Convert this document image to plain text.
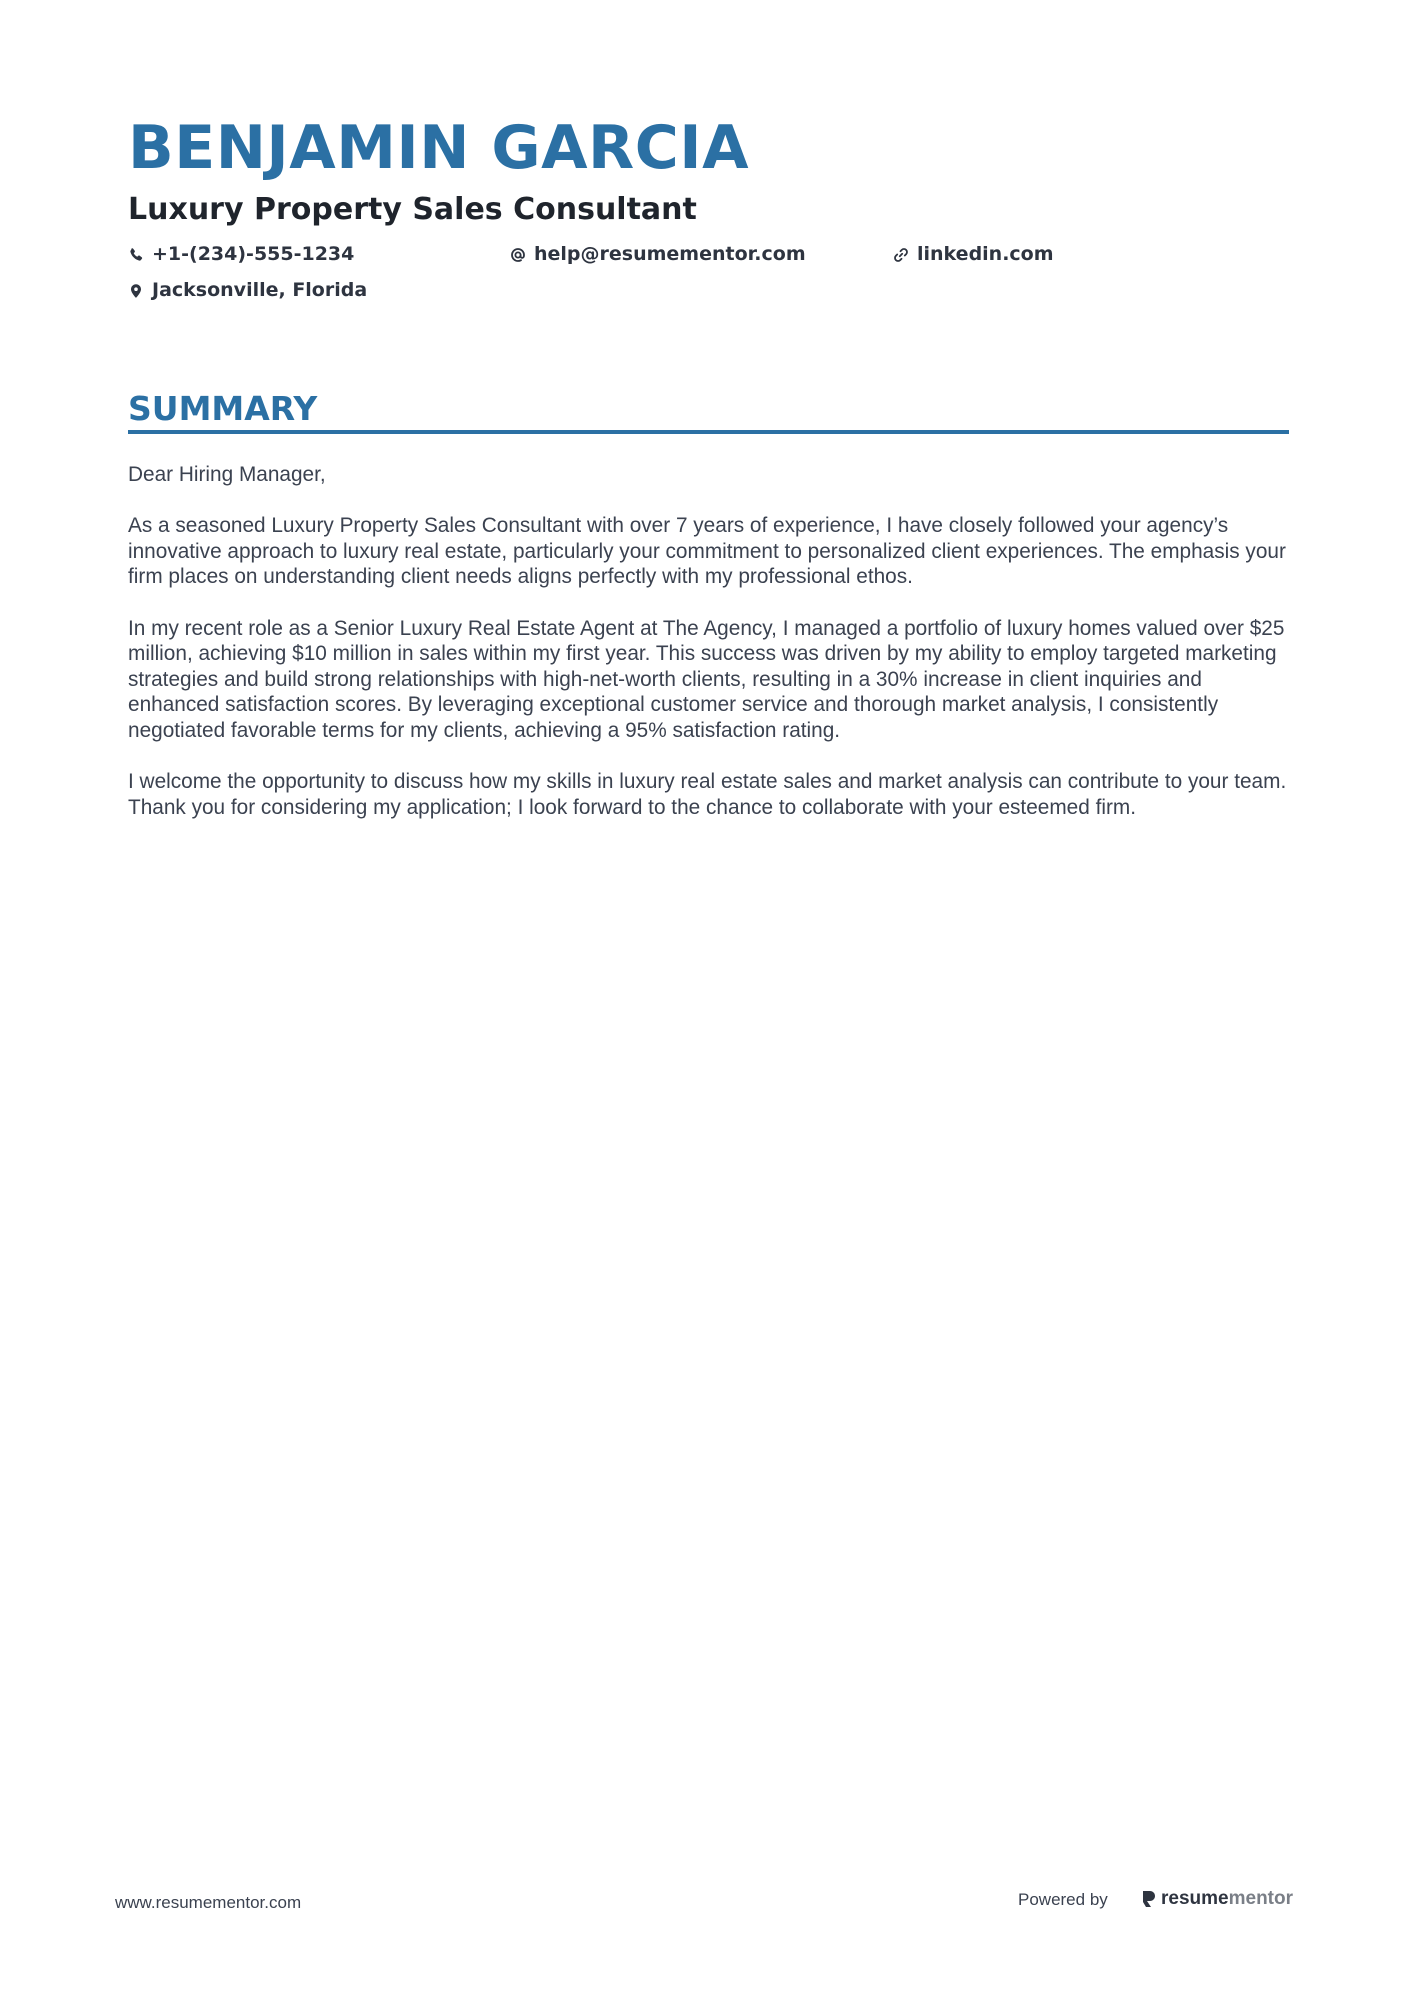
BENJAMIN GARCIA
Luxury Property Sales Consultant
+1-(234)-555-1234	help@resumementor.com	linkedin.com
Jacksonville, Florida
SUMMARY

Dear Hiring Manager,

As a seasoned Luxury Property Sales Consultant with over 7 years of experience, I have closely followed your agency’s innovative approach to luxury real estate, particularly your commitment to personalized client experiences. The emphasis your firm places on understanding client needs aligns perfectly with my professional ethos.

In my recent role as a Senior Luxury Real Estate Agent at The Agency, I managed a portfolio of luxury homes valued over $25 million, achieving $10 million in sales within my first year. This success was driven by my ability to employ targeted marketing strategies and build strong relationships with high-net-worth clients, resulting in a 30% increase in client inquiries and enhanced satisfaction scores. By leveraging exceptional customer service and thorough market analysis, I consistently negotiated favorable terms for my clients, achieving a 95% satisfaction rating.

I welcome the opportunity to discuss how my skills in luxury real estate sales and market analysis can contribute to your team. Thank you for considering my application; I look forward to the chance to collaborate with your esteemed firm.

www.resumementor.com	Powered by	resume mentor
